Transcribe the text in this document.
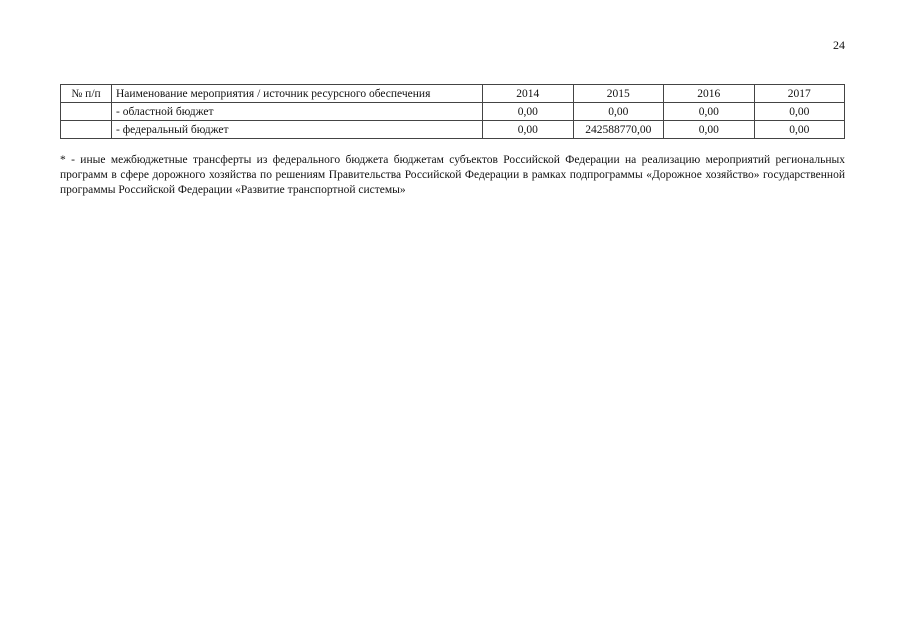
24
№ п/п	Наименование мероприятия / источник ресурсного обеспечения	2014	2015	2016	2017
	- областной бюджет	0,00	0,00	0,00	0,00
	- федеральный бюджет	0,00	242588770,00	0,00	0,00
* - иные межбюджетные трансферты из федерального бюджета бюджетам субъектов Российской Федерации на реализацию мероприятий региональных программ в сфере дорожного хозяйства по решениям Правительства Российской Федерации в рамках подпрограммы «Дорожное хозяйство» государственной программы Российской Федерации «Развитие транспортной системы»
